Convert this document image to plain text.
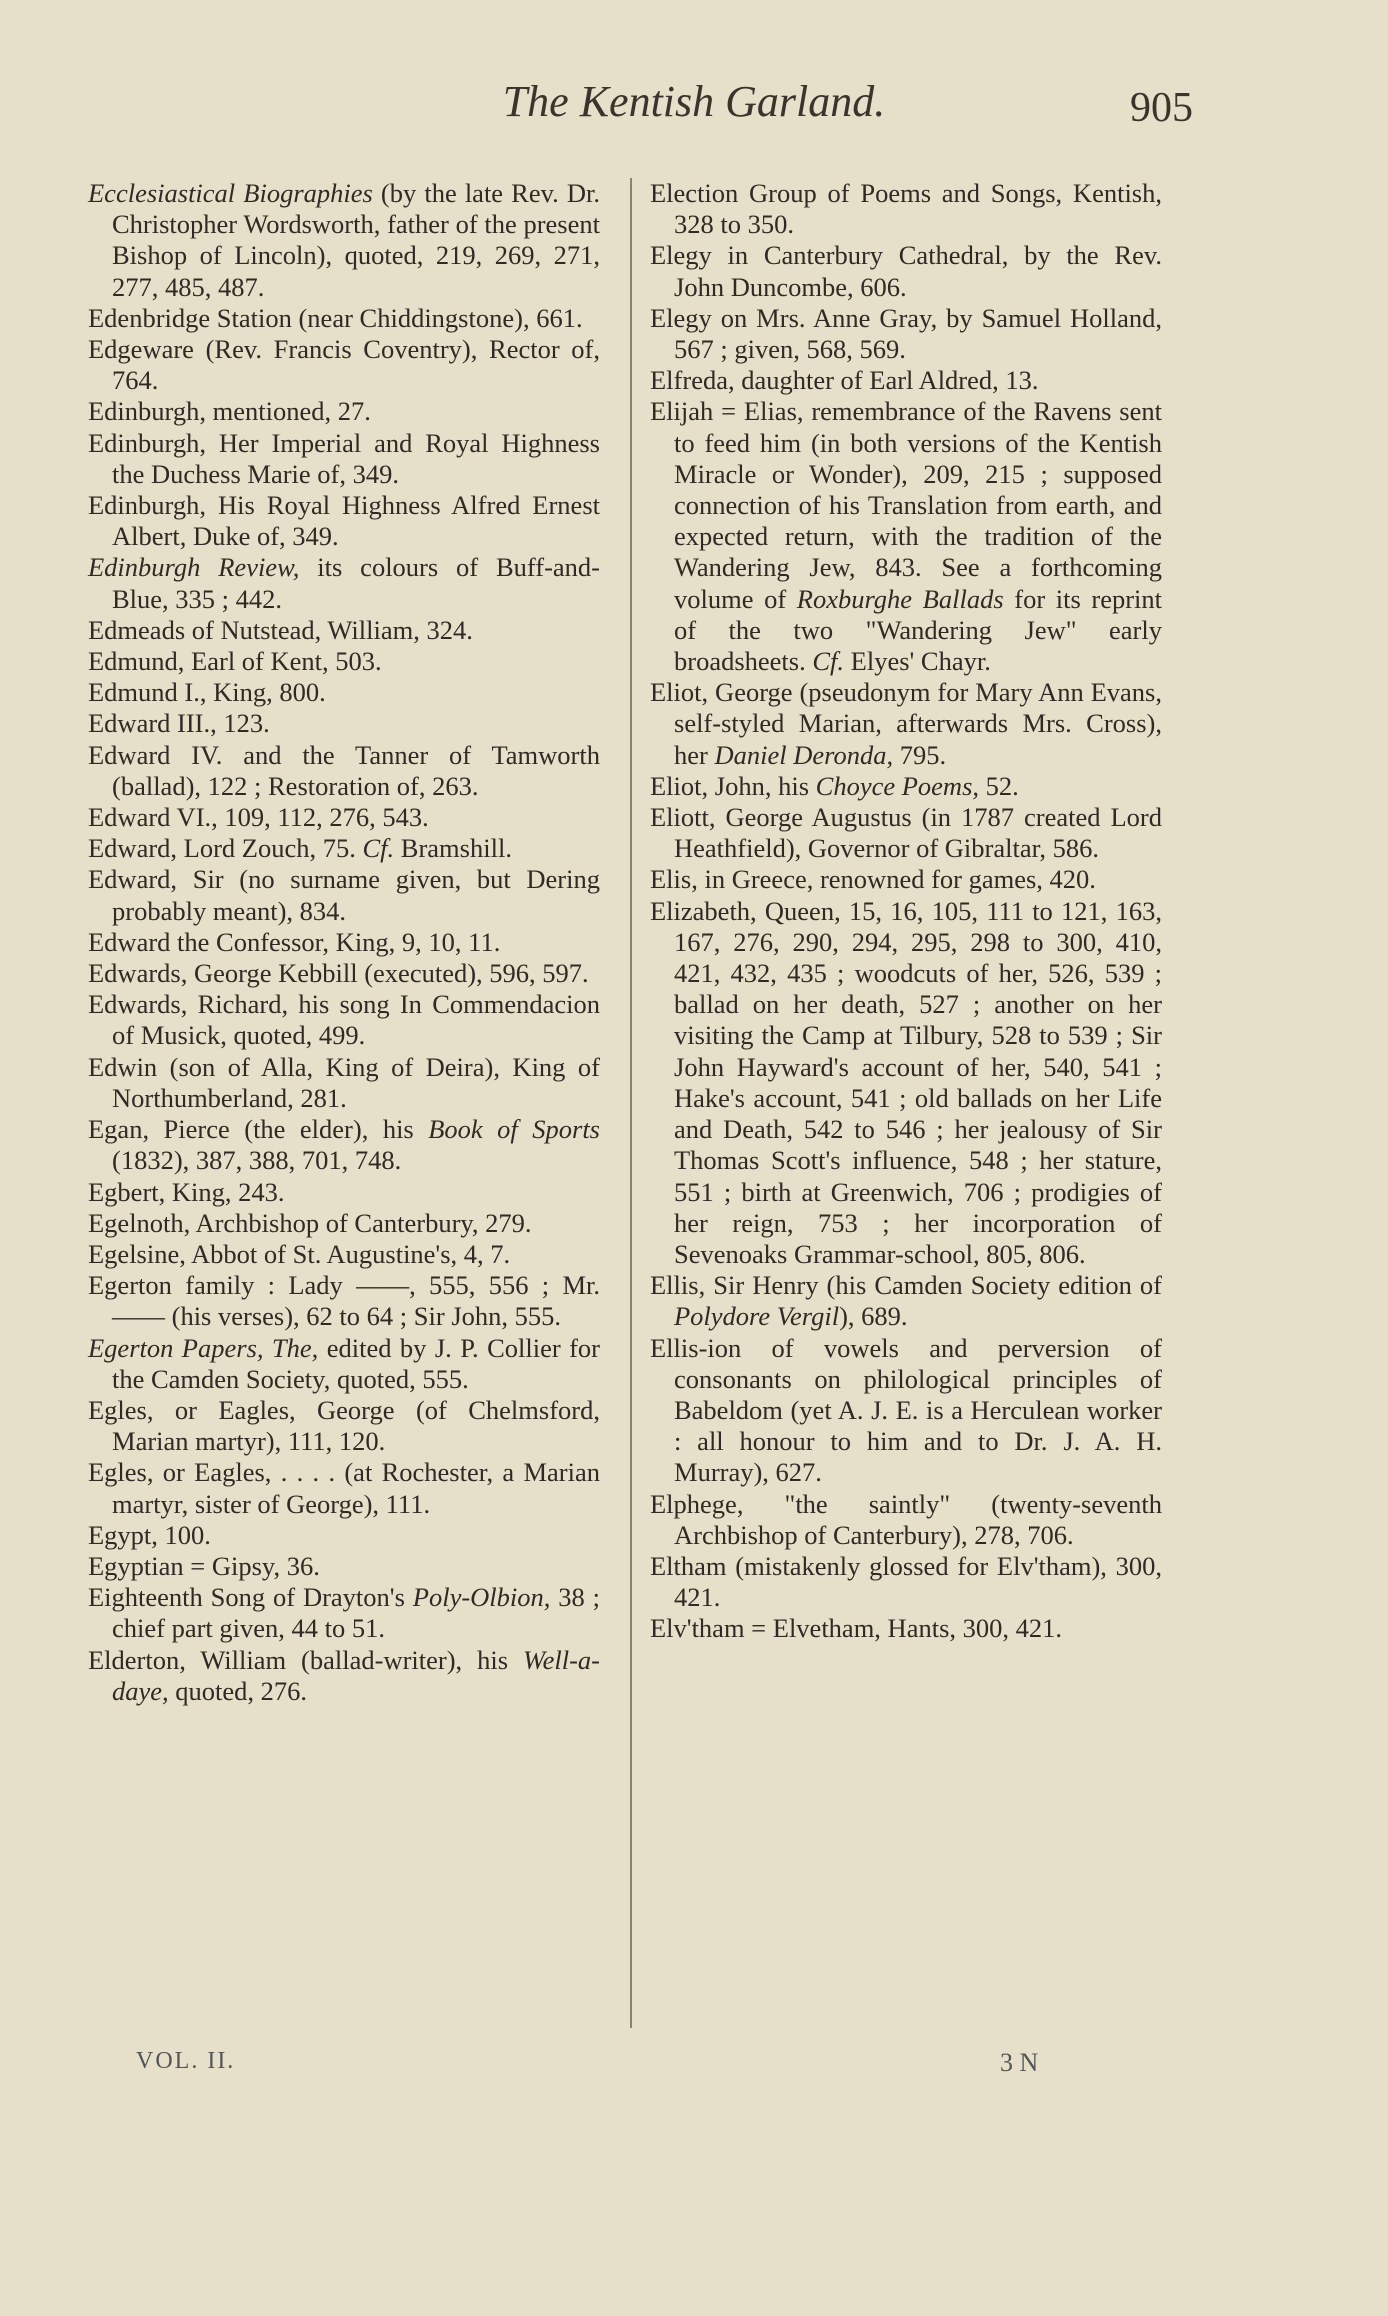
The Kentish Garland.	905
Ecclesiastical Biographies (by the late Rev. Dr. Christopher Wordsworth, father of the present Bishop of Lincoln), quoted, 219, 269, 271, 277, 485, 487.
Edenbridge Station (near Chiddingstone), 661.
Edgeware (Rev. Francis Coventry), Rector of, 764.
Edinburgh, mentioned, 27.
Edinburgh, Her Imperial and Royal Highness the Duchess Marie of, 349.
Edinburgh, His Royal Highness Alfred Ernest Albert, Duke of, 349.
Edinburgh Review, its colours of Buff-and-Blue, 335 ; 442.
Edmeads of Nutstead, William, 324.
Edmund, Earl of Kent, 503.
Edmund I., King, 800.
Edward III., 123.
Edward IV. and the Tanner of Tamworth (ballad), 122 ; Restoration of, 263.
Edward VI., 109, 112, 276, 543.
Edward, Lord Zouch, 75. Cf. Bramshill.
Edward, Sir (no surname given, but Dering probably meant), 834.
Edward the Confessor, King, 9, 10, 11.
Edwards, George Kebbill (executed), 596, 597.
Edwards, Richard, his song In Commendacion of Musick, quoted, 499.
Edwin (son of Alla, King of Deira), King of Northumberland, 281.
Egan, Pierce (the elder), his Book of Sports (1832), 387, 388, 701, 748.
Egbert, King, 243.
Egelnoth, Archbishop of Canterbury, 279.
Egelsine, Abbot of St. Augustine's, 4, 7.
Egerton family : Lady ——, 555, 556 ; Mr. —— (his verses), 62 to 64 ; Sir John, 555.
Egerton Papers, The, edited by J. P. Collier for the Camden Society, quoted, 555.
Egles, or Eagles, George (of Chelmsford, Marian martyr), 111, 120.
Egles, or Eagles, . . . . (at Rochester, a Marian martyr, sister of George), 111.
Egypt, 100.
Egyptian = Gipsy, 36.
Eighteenth Song of Drayton's Poly-Olbion, 38 ; chief part given, 44 to 51.
Elderton, William (ballad-writer), his Well-a-daye, quoted, 276.
Election Group of Poems and Songs, Kentish, 328 to 350.
Elegy in Canterbury Cathedral, by the Rev. John Duncombe, 606.
Elegy on Mrs. Anne Gray, by Samuel Holland, 567 ; given, 568, 569.
Elfreda, daughter of Earl Aldred, 13.
Elijah = Elias, remembrance of the Ravens sent to feed him (in both versions of the Kentish Miracle or Wonder), 209, 215 ; supposed connection of his Translation from earth, and expected return, with the tradition of the Wandering Jew, 843. See a forthcoming volume of Roxburghe Ballads for its reprint of the two "Wandering Jew" early broadsheets. Cf. Elyes' Chayr.
Eliot, George (pseudonym for Mary Ann Evans, self-styled Marian, afterwards Mrs. Cross), her Daniel Deronda, 795.
Eliot, John, his Choyce Poems, 52.
Eliott, George Augustus (in 1787 created Lord Heathfield), Governor of Gibraltar, 586.
Elis, in Greece, renowned for games, 420.
Elizabeth, Queen, 15, 16, 105, 111 to 121, 163, 167, 276, 290, 294, 295, 298 to 300, 410, 421, 432, 435 ; woodcuts of her, 526, 539 ; ballad on her death, 527 ; another on her visiting the Camp at Tilbury, 528 to 539 ; Sir John Hayward's account of her, 540, 541 ; Hake's account, 541 ; old ballads on her Life and Death, 542 to 546 ; her jealousy of Sir Thomas Scott's influence, 548 ; her stature, 551 ; birth at Greenwich, 706 ; prodigies of her reign, 753 ; her incorporation of Sevenoaks Grammar-school, 805, 806.
Ellis, Sir Henry (his Camden Society edition of Polydore Vergil), 689.
Ellis-ion of vowels and perversion of consonants on philological principles of Babeldom (yet A. J. E. is a Herculean worker : all honour to him and to Dr. J. A. H. Murray), 627.
Elphege, "the saintly" (twenty-seventh Archbishop of Canterbury), 278, 706.
Eltham (mistakenly glossed for Elv'tham), 300, 421.
Elv'tham = Elvetham, Hants, 300, 421.
VOL. II.	3 N
